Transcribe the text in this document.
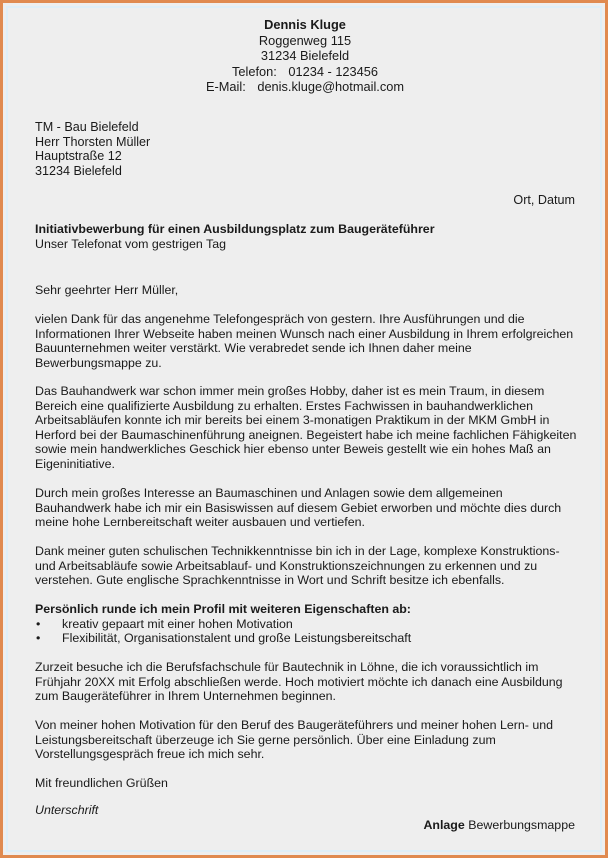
Dennis Kluge
Roggenweg 115
31234 Bielefeld
Telefon: 01234 - 123456
E-Mail: denis.kluge@hotmail.com
TM - Bau Bielefeld
Herr Thorsten Müller
Hauptstraße 12
31234 Bielefeld
Ort, Datum
Initiativbewerbung für einen Ausbildungsplatz zum Baugeräteführer
Unser Telefonat vom gestrigen Tag
Sehr geehrter Herr Müller,
vielen Dank für das angenehme Telefongespräch von gestern. Ihre Ausführungen und die Informationen Ihrer Webseite haben meinen Wunsch nach einer Ausbildung in Ihrem erfolgreichen Bauunternehmen weiter verstärkt. Wie verabredet sende ich Ihnen daher meine Bewerbungsmappe zu.
Das Bauhandwerk war schon immer mein großes Hobby, daher ist es mein Traum, in diesem Bereich eine qualifizierte Ausbildung zu erhalten. Erstes Fachwissen in bauhandwerklichen Arbeitsabläufen konnte ich mir bereits bei einem 3-monatigen Praktikum in der MKM GmbH in Herford bei der Baumaschinenführung aneignen. Begeistert habe ich meine fachlichen Fähigkeiten sowie mein handwerkliches Geschick hier ebenso unter Beweis gestellt wie ein hohes Maß an Eigeninitiative.
Durch mein großes Interesse an Baumaschinen und Anlagen sowie dem allgemeinen Bauhandwerk habe ich mir ein Basiswissen auf diesem Gebiet erworben und möchte dies durch meine hohe Lernbereitschaft weiter ausbauen und vertiefen.
Dank meiner guten schulischen Technikkenntnisse bin ich in der Lage, komplexe Konstruktions- und Arbeitsabläufe sowie Arbeitsablauf- und Konstruktionszeichnungen zu erkennen und zu verstehen. Gute englische Sprachkenntnisse in Wort und Schrift besitze ich ebenfalls.
Persönlich runde ich mein Profil mit weiteren Eigenschaften ab:
• kreativ gepaart mit einer hohen Motivation
• Flexibilität, Organisationstalent und große Leistungsbereitschaft
Zurzeit besuche ich die Berufsfachschule für Bautechnik in Löhne, die ich voraussichtlich im Frühjahr 20XX mit Erfolg abschließen werde. Hoch motiviert möchte ich danach eine Ausbildung zum Baugeräteführer in Ihrem Unternehmen beginnen.
Von meiner hohen Motivation für den Beruf des Baugeräteführers und meiner hohen Lern- und Leistungsbereitschaft überzeuge ich Sie gerne persönlich. Über eine Einladung zum Vorstellungsgespräch freue ich mich sehr.
Mit freundlichen Grüßen
Unterschrift
Anlage Bewerbungsmappe
